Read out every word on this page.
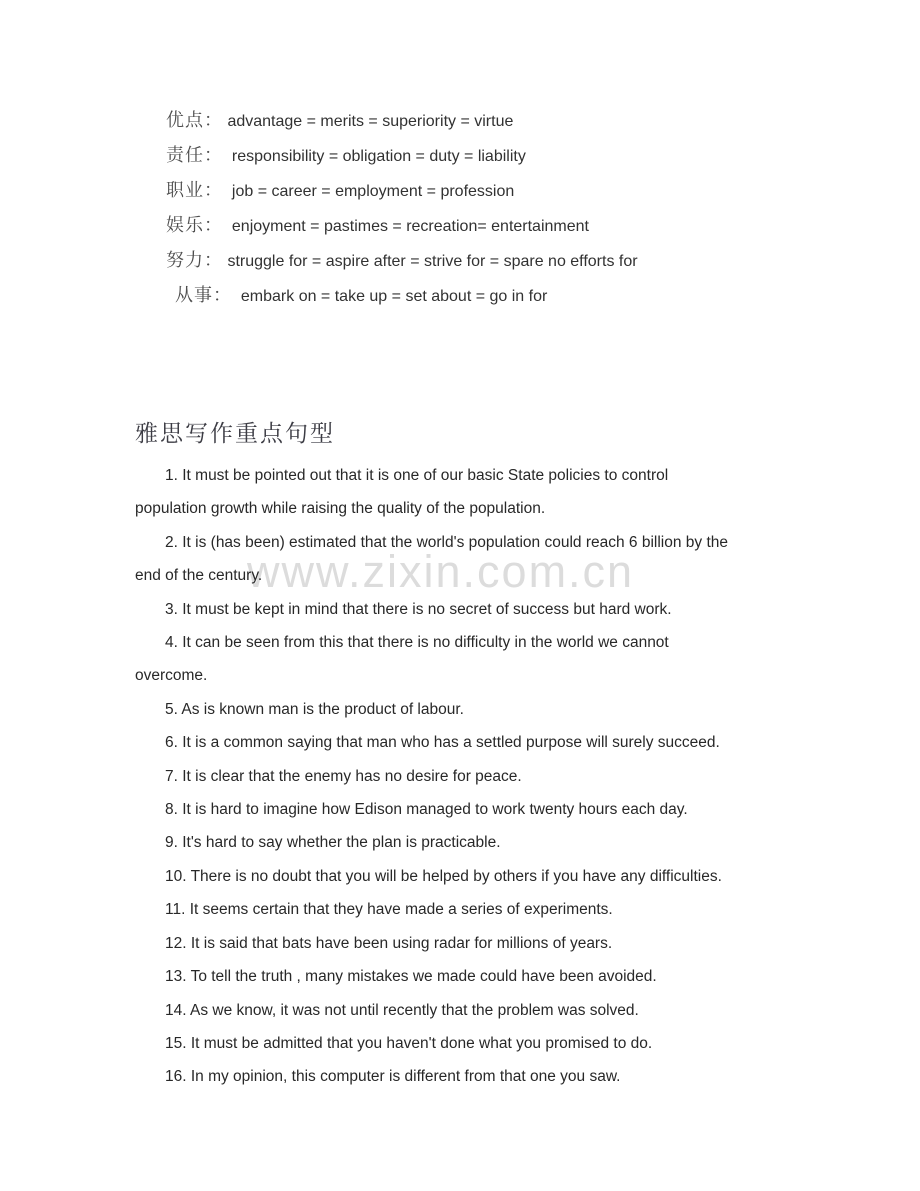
www.zixin.com.cn
优点： advantage = merits = superiority = virtue
责任：  responsibility = obligation = duty = liability
职业：  job = career = employment = profession
娱乐：  enjoyment = pastimes = recreation= entertainment
努力： struggle for = aspire after = strive for = spare no efforts for
从事：  embark on = take up = set about = go in for
雅思写作重点句型
1. It must be pointed out that it is one of our basic State policies to control
population growth while raising the quality of the population.
2. It is (has been) estimated that the world's population could reach 6 billion by the
end of the century.
3. It must be kept in mind that there is no secret of success but hard work.
4. It can be seen from this that there is no difficulty in the world we cannot
overcome.
5. As is known man is the product of labour.
6. It is a common saying that man who has a settled purpose will surely succeed.
7. It is clear that the enemy has no desire for peace.
8. It is hard to imagine how Edison managed to work twenty hours each day.
9. It's hard to say whether the plan is practicable.
10. There is no doubt that you will be helped by others if you have any difficulties.
11. It seems certain that they have made a series of experiments.
12. It is said that bats have been using radar for millions of years.
13. To tell the truth , many mistakes we made could have been avoided.
14. As we know, it was not until recently that the problem was solved.
15. It must be admitted that you haven't done what you promised to do.
16. In my opinion, this computer is different from that one you saw.
